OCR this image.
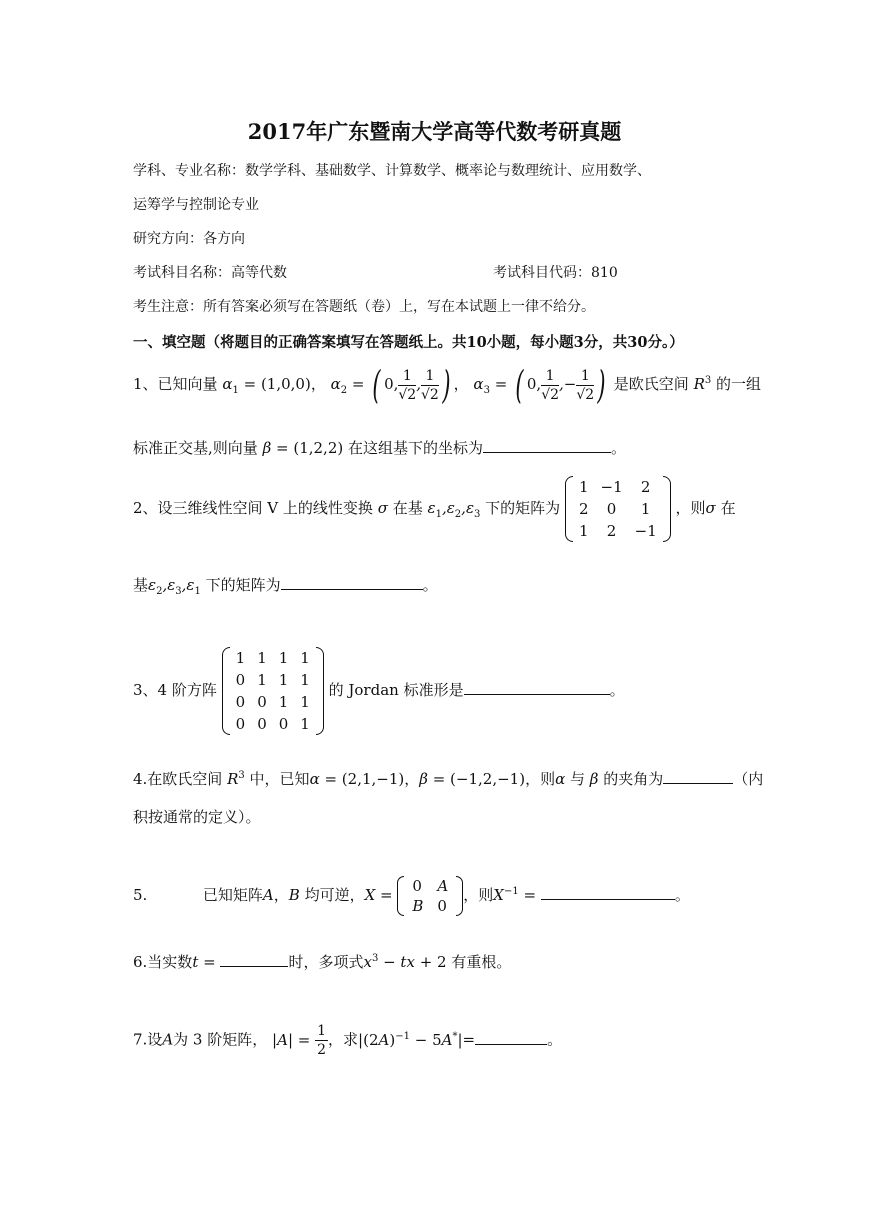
2017年广东暨南大学高等代数考研真题
学科、专业名称：数学学科、基础数学、计算数学、概率论与数理统计、应用数学、
运筹学与控制论专业
研究方向：各方向
考试科目名称：高等代数	考试科目代码：810
考生注意：所有答案必须写在答题纸（卷）上，写在本试题上一律不给分。
一、填空题（将题目的正确答案填写在答题纸上。共10小题，每小题3分，共30分。）
1、已知向量 $\alpha_1 = (1,0,0)$， $\alpha_2$ = ( 0, $\frac{1}{√2}$ , $\frac{1}{√2}$ ) ， $\alpha_3$ = ( 0, $\frac{1}{√2}$ ,− $\frac{1}{√2}$ ) 是欧氏空间 $R^3$ 的一组
标准正交基,则向量 β = (1,2,2) 在这组基下的坐标为	。
2、设三维线性空间 V 上的线性变换 σ 在基 $\varepsilon_1,\varepsilon_2,\varepsilon_3$ 下的矩阵为
1	−1	2
2	0	1
1	2	−1
，则σ 在
基$\varepsilon_2,\varepsilon_3,\varepsilon_1$ 下的矩阵为	。
3、4 阶方阵
1	1	1	1
0	1	1	1
0	0	1	1
0	0	0	1
的 Jordan 标准形是	。
4.在欧氏空间 $R^3$ 中，已知α = (2,1,−1)，β = (−1,2,−1)，则α 与 β 的夹角为	（内
积按通常的定义）。
5.	已知矩阵A，B 均可逆，X = 0	A
B	0
，则$X^{-1}$ =	。
6.当实数t =	时，多项式$x^3$ − tx + 2 有重根。
7.设A为 3 阶矩阵， $|A| = \frac{1}{2}$ ，求$|(2A)^{-1} - 5A^*|=$	。
